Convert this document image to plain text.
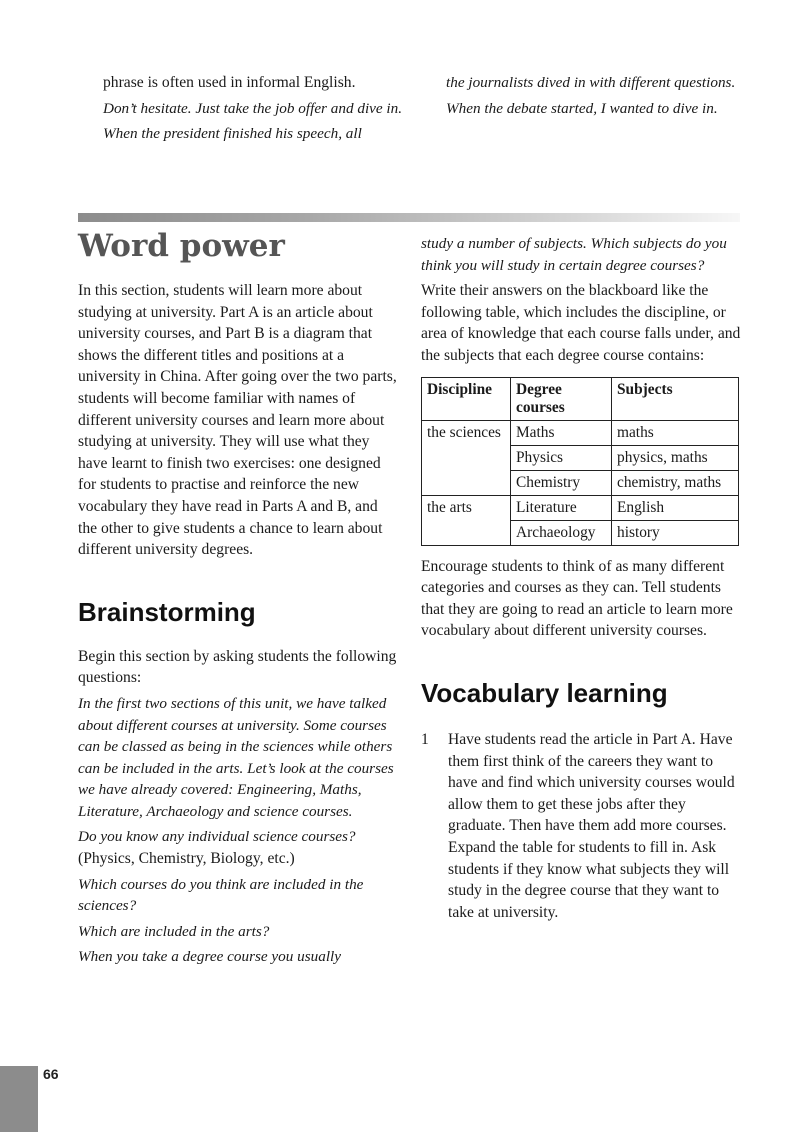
phrase is often used in informal English.

Don’t hesitate. Just take the job offer and dive in.

When the president finished his speech, all

the journalists dived in with different questions.

When the debate started, I wanted to dive in.

Word power

In this section, students will learn more about studying at university. Part A is an article about university courses, and Part B is a diagram that shows the different titles and positions at a university in China. After going over the two parts, students will become familiar with names of different university courses and learn more about studying at university. They will use what they have learnt to finish two exercises: one designed for students to practise and reinforce the new vocabulary they have read in Parts A and B, and the other to give students a chance to learn about different university degrees.

Brainstorming

Begin this section by asking students the following questions:

In the first two sections of this unit, we have talked about different courses at university. Some courses can be classed as being in the sciences while others can be included in the arts. Let’s look at the courses we have already covered: Engineering, Maths, Literature, Archaeology and science courses.

Do you know any individual science courses?

(Physics, Chemistry, Biology, etc.)

Which courses do you think are included in the sciences?

Which are included in the arts?

When you take a degree course you usually

study a number of subjects. Which subjects do you think you will study in certain degree courses?

Write their answers on the blackboard like the following table, which includes the discipline, or area of knowledge that each course falls under, and the subjects that each degree course contains:

Discipline	Degree courses	Subjects
the sciences	Maths	maths
	Physics	physics, maths
	Chemistry	chemistry, maths
the arts	Literature	English
	Archaeology	history

Encourage students to think of as many different categories and courses as they can. Tell students that they are going to read an article to learn more vocabulary about different university courses.

Vocabulary learning
1	Have students read the article in Part A. Have them first think of the careers they want to have and find which university courses would allow them to get these jobs after they graduate. Then have them add more courses. Expand the table for students to fill in. Ask students if they know what subjects they will study in the degree course that they want to take at university.

66
